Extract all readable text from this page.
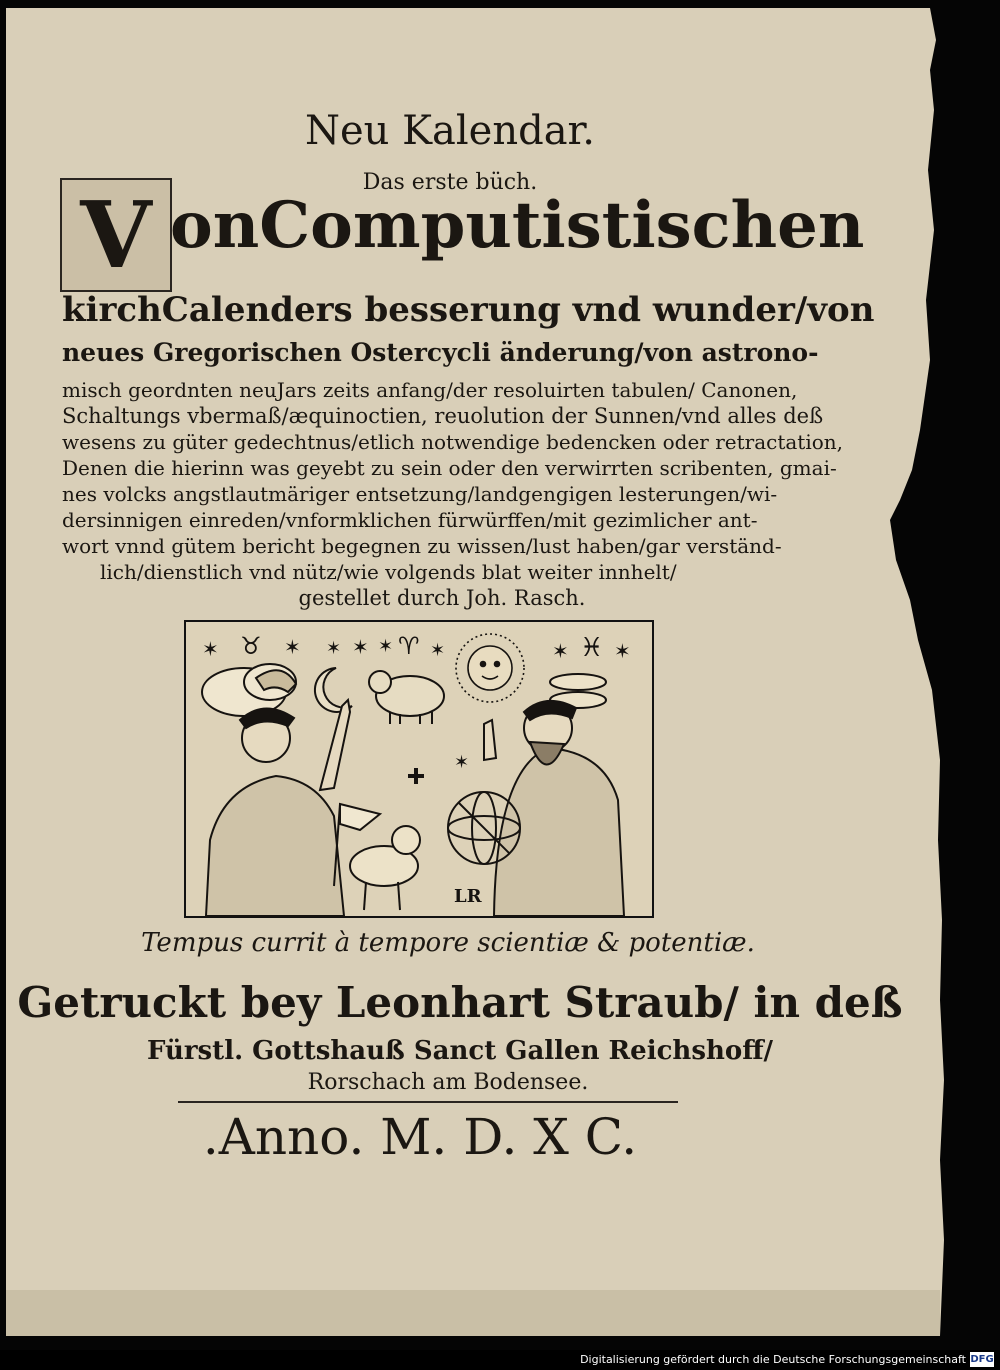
Neu Kalendar.
Das erste büch.
V onComputistischen
kirchCalenders besserung vnd wunder/von
neues Gregorischen Ostercycli änderung/von astrono-
misch geordnten neuJars zeits anfang/der resoluirten tabulen/ Canonen,
Schaltungs vbermaß/æquinoctien, reuolution der Sunnen/vnd alles deß
wesens zu güter gedechtnus/etlich notwendige bedencken oder retractation,
Denen die hierinn was geyebt zu sein oder den verwirrten scribenten, gmai-
nes volcks angstlautmäriger entsetzung/landgengigen lesterungen/wi-
dersinnigen einreden/vnformklichen fürwürffen/mit gezimlicher ant-
wort vnnd gütem bericht begegnen zu wissen/lust haben/gar verständ-
lich/dienstlich vnd nütz/wie volgends blat weiter innhelt/
gestellet durch Joh. Rasch.
✶ ♉ ✶ ✶ ✶ ✶ ♈ ✶	✶ ♓ ✶
✶
LR
Tempus currit à tempore scientiæ & potentiæ.
Getruckt bey Leonhart Straub/ in deß
Fürstl. Gottshauß Sanct Gallen Reichshoff/
Rorschach am Bodensee.
.Anno. M. D. X C.
Digitalisierung gefördert durch die Deutsche Forschungsgemeinschaft DFG
